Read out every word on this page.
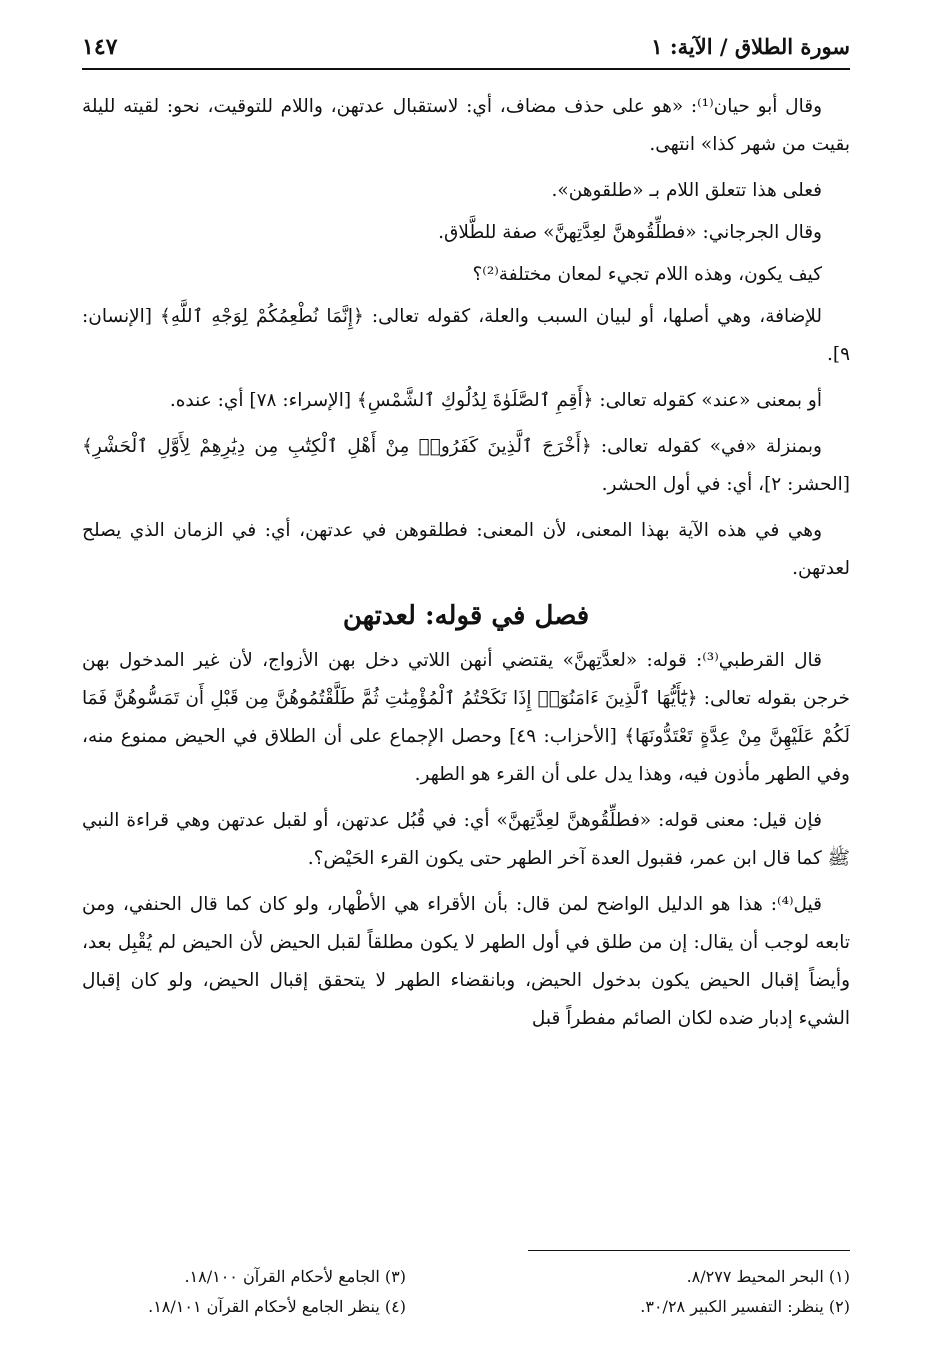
سورة الطلاق / الآية: ١
١٤٧

وقال أبو حيان⁽¹⁾: «هو على حذف مضاف، أي: لاستقبال عدتهن، واللام للتوقيت، نحو: لقيته لليلة بقيت من شهر كذا» انتهى.

فعلى هذا تتعلق اللام بـ «طلقوهن».

وقال الجرجاني: «فطلِّقُوهنَّ لعِدَّتِهنَّ» صفة للطَّلاق.

كيف يكون، وهذه اللام تجيء لمعان مختلفة⁽²⁾؟

للإضافة، وهي أصلها، أو لبيان السبب والعلة، كقوله تعالى: ﴿إِنَّمَا نُطْعِمُكُمْ لِوَجْهِ ٱللَّهِ﴾ [الإنسان: ٩].

أو بمعنى «عند» كقوله تعالى: ﴿أَقِمِ ٱلصَّلَوٰةَ لِدُلُوكِ ٱلشَّمْسِ﴾ [الإسراء: ٧٨] أي: عنده.

وبمنزلة «في» كقوله تعالى: ﴿أَخْرَجَ ٱلَّذِينَ كَفَرُوا۟ مِنْ أَهْلِ ٱلْكِتَٰبِ مِن دِيَٰرِهِمْ لِأَوَّلِ ٱلْحَشْرِ﴾ [الحشر: ٢]، أي: في أول الحشر.

وهي في هذه الآية بهذا المعنى، لأن المعنى: فطلقوهن في عدتهن، أي: في الزمان الذي يصلح لعدتهن.

فصل في قوله: لعدتهن

قال القرطبي⁽³⁾: قوله: «لعدَّتِهنَّ» يقتضي أنهن اللاتي دخل بهن الأزواج، لأن غير المدخول بهن خرجن بقوله تعالى: ﴿يَٰٓأَيُّهَا ٱلَّذِينَ ءَامَنُوٓا۟ إِذَا نَكَحْتُمُ ٱلْمُؤْمِنَٰتِ ثُمَّ طَلَّقْتُمُوهُنَّ مِن قَبْلِ أَن تَمَسُّوهُنَّ فَمَا لَكُمْ عَلَيْهِنَّ مِنْ عِدَّةٍ تَعْتَدُّونَهَا﴾ [الأحزاب: ٤٩] وحصل الإجماع على أن الطلاق في الحيض ممنوع منه، وفي الطهر مأذون فيه، وهذا يدل على أن القرء هو الطهر.

فإن قيل: معنى قوله: «فطلِّقُوهنَّ لعِدَّتِهنَّ» أي: في قُبُل عدتهن، أو لقبل عدتهن وهي قراءة النبي ﷺ كما قال ابن عمر، فقبول العدة آخر الطهر حتى يكون القرء الحَيْض؟.

قيل⁽⁴⁾: هذا هو الدليل الواضح لمن قال: بأن الأقراء هي الأطْهار، ولو كان كما قال الحنفي، ومن تابعه لوجب أن يقال: إن من طلق في أول الطهر لا يكون مطلقاً لقبل الحيض لأن الحيض لم يُقْبِل بعد، وأيضاً إقبال الحيض يكون بدخول الحيض، وبانقضاء الطهر لا يتحقق إقبال الحيض، ولو كان إقبال الشيء إدبار ضده لكان الصائم مفطراً قبل

(١) البحر المحيط ٨/٢٧٧.
(٣) الجامع لأحكام القرآن ١٨/١٠٠.
(٢) ينظر: التفسير الكبير ٣٠/٢٨.
(٤) ينظر الجامع لأحكام القرآن ١٨/١٠١.
